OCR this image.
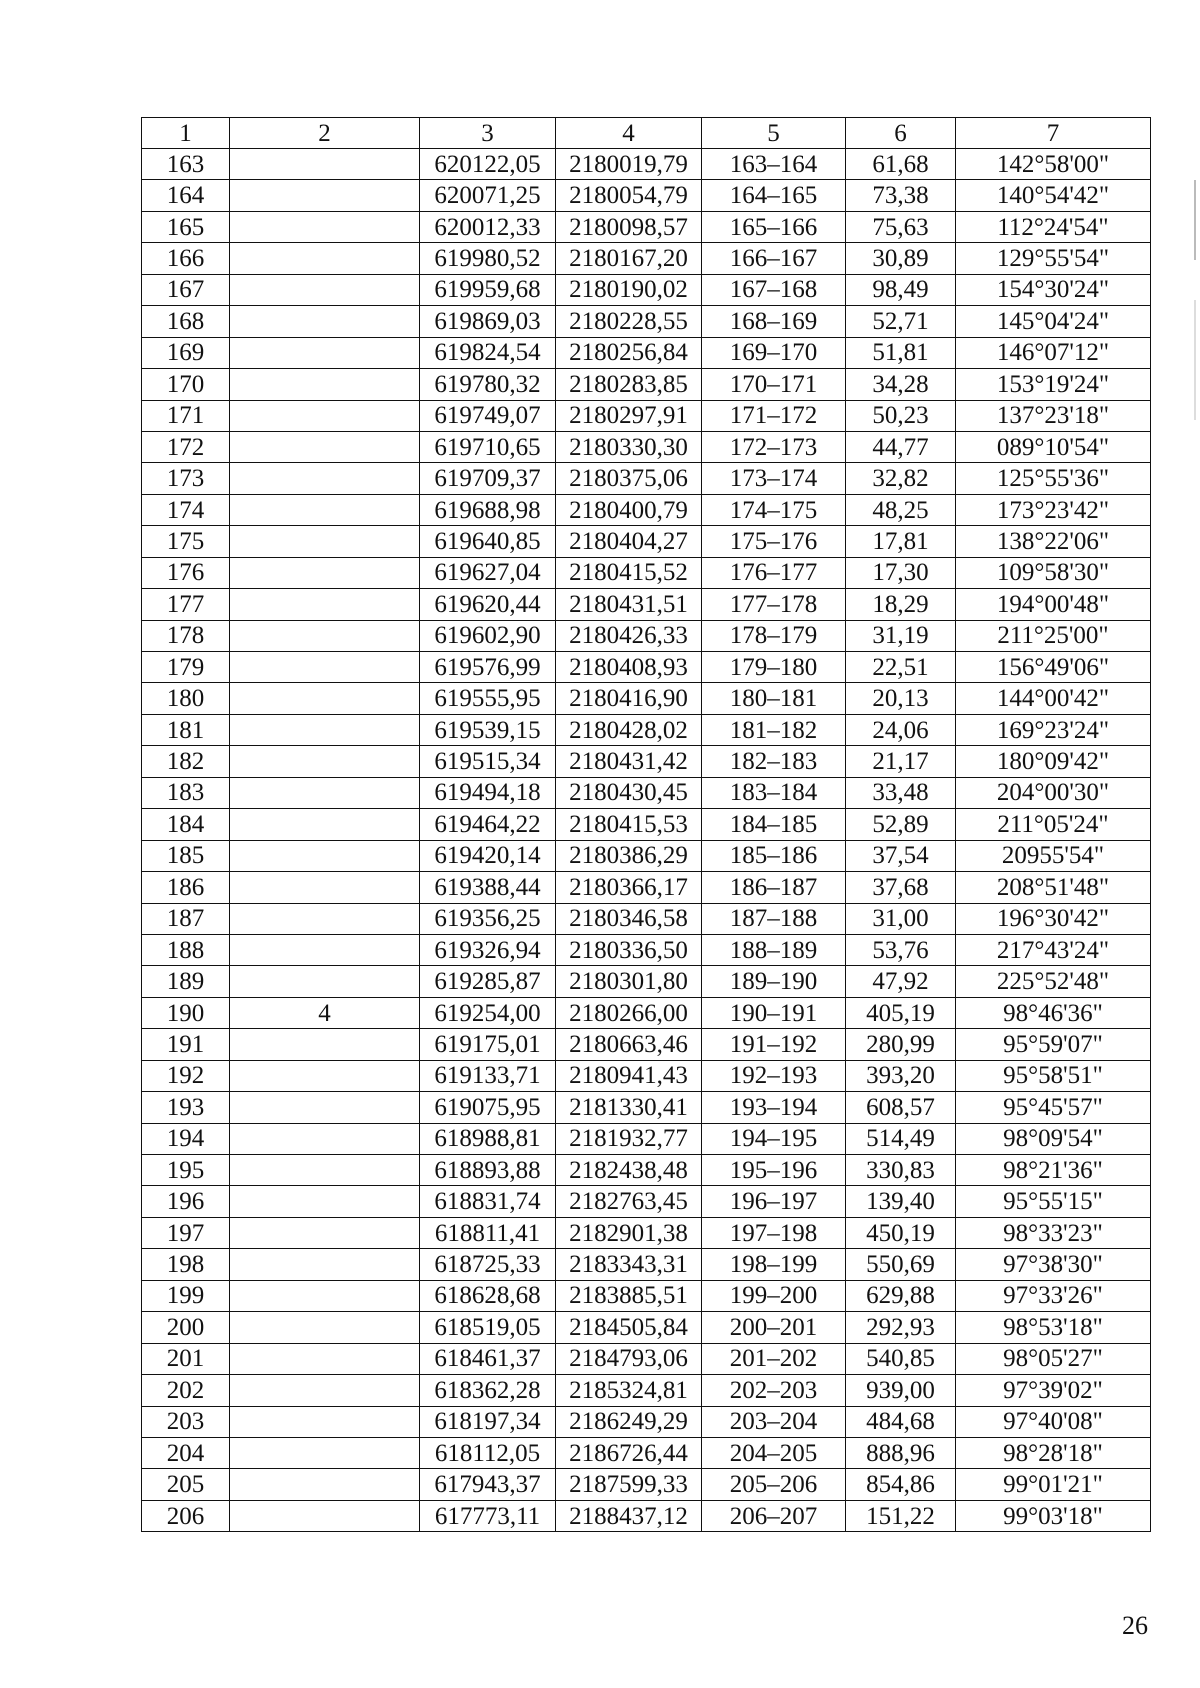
1	2	3	4	5	6	7
163		620122,05	2180019,79	163–164	61,68	142°58'00"
164		620071,25	2180054,79	164–165	73,38	140°54'42"
165		620012,33	2180098,57	165–166	75,63	112°24'54"
166		619980,52	2180167,20	166–167	30,89	129°55'54"
167		619959,68	2180190,02	167–168	98,49	154°30'24"
168		619869,03	2180228,55	168–169	52,71	145°04'24"
169		619824,54	2180256,84	169–170	51,81	146°07'12"
170		619780,32	2180283,85	170–171	34,28	153°19'24"
171		619749,07	2180297,91	171–172	50,23	137°23'18"
172		619710,65	2180330,30	172–173	44,77	089°10'54"
173		619709,37	2180375,06	173–174	32,82	125°55'36"
174		619688,98	2180400,79	174–175	48,25	173°23'42"
175		619640,85	2180404,27	175–176	17,81	138°22'06"
176		619627,04	2180415,52	176–177	17,30	109°58'30"
177		619620,44	2180431,51	177–178	18,29	194°00'48"
178		619602,90	2180426,33	178–179	31,19	211°25'00"
179		619576,99	2180408,93	179–180	22,51	156°49'06"
180		619555,95	2180416,90	180–181	20,13	144°00'42"
181		619539,15	2180428,02	181–182	24,06	169°23'24"
182		619515,34	2180431,42	182–183	21,17	180°09'42"
183		619494,18	2180430,45	183–184	33,48	204°00'30"
184		619464,22	2180415,53	184–185	52,89	211°05'24"
185		619420,14	2180386,29	185–186	37,54	20955'54"
186		619388,44	2180366,17	186–187	37,68	208°51'48"
187		619356,25	2180346,58	187–188	31,00	196°30'42"
188		619326,94	2180336,50	188–189	53,76	217°43'24"
189		619285,87	2180301,80	189–190	47,92	225°52'48"
190	4	619254,00	2180266,00	190–191	405,19	98°46'36"
191		619175,01	2180663,46	191–192	280,99	95°59'07"
192		619133,71	2180941,43	192–193	393,20	95°58'51"
193		619075,95	2181330,41	193–194	608,57	95°45'57"
194		618988,81	2181932,77	194–195	514,49	98°09'54"
195		618893,88	2182438,48	195–196	330,83	98°21'36"
196		618831,74	2182763,45	196–197	139,40	95°55'15"
197		618811,41	2182901,38	197–198	450,19	98°33'23"
198		618725,33	2183343,31	198–199	550,69	97°38'30"
199		618628,68	2183885,51	199–200	629,88	97°33'26"
200		618519,05	2184505,84	200–201	292,93	98°53'18"
201		618461,37	2184793,06	201–202	540,85	98°05'27"
202		618362,28	2185324,81	202–203	939,00	97°39'02"
203		618197,34	2186249,29	203–204	484,68	97°40'08"
204		618112,05	2186726,44	204–205	888,96	98°28'18"
205		617943,37	2187599,33	205–206	854,86	99°01'21"
206		617773,11	2188437,12	206–207	151,22	99°03'18"
26
